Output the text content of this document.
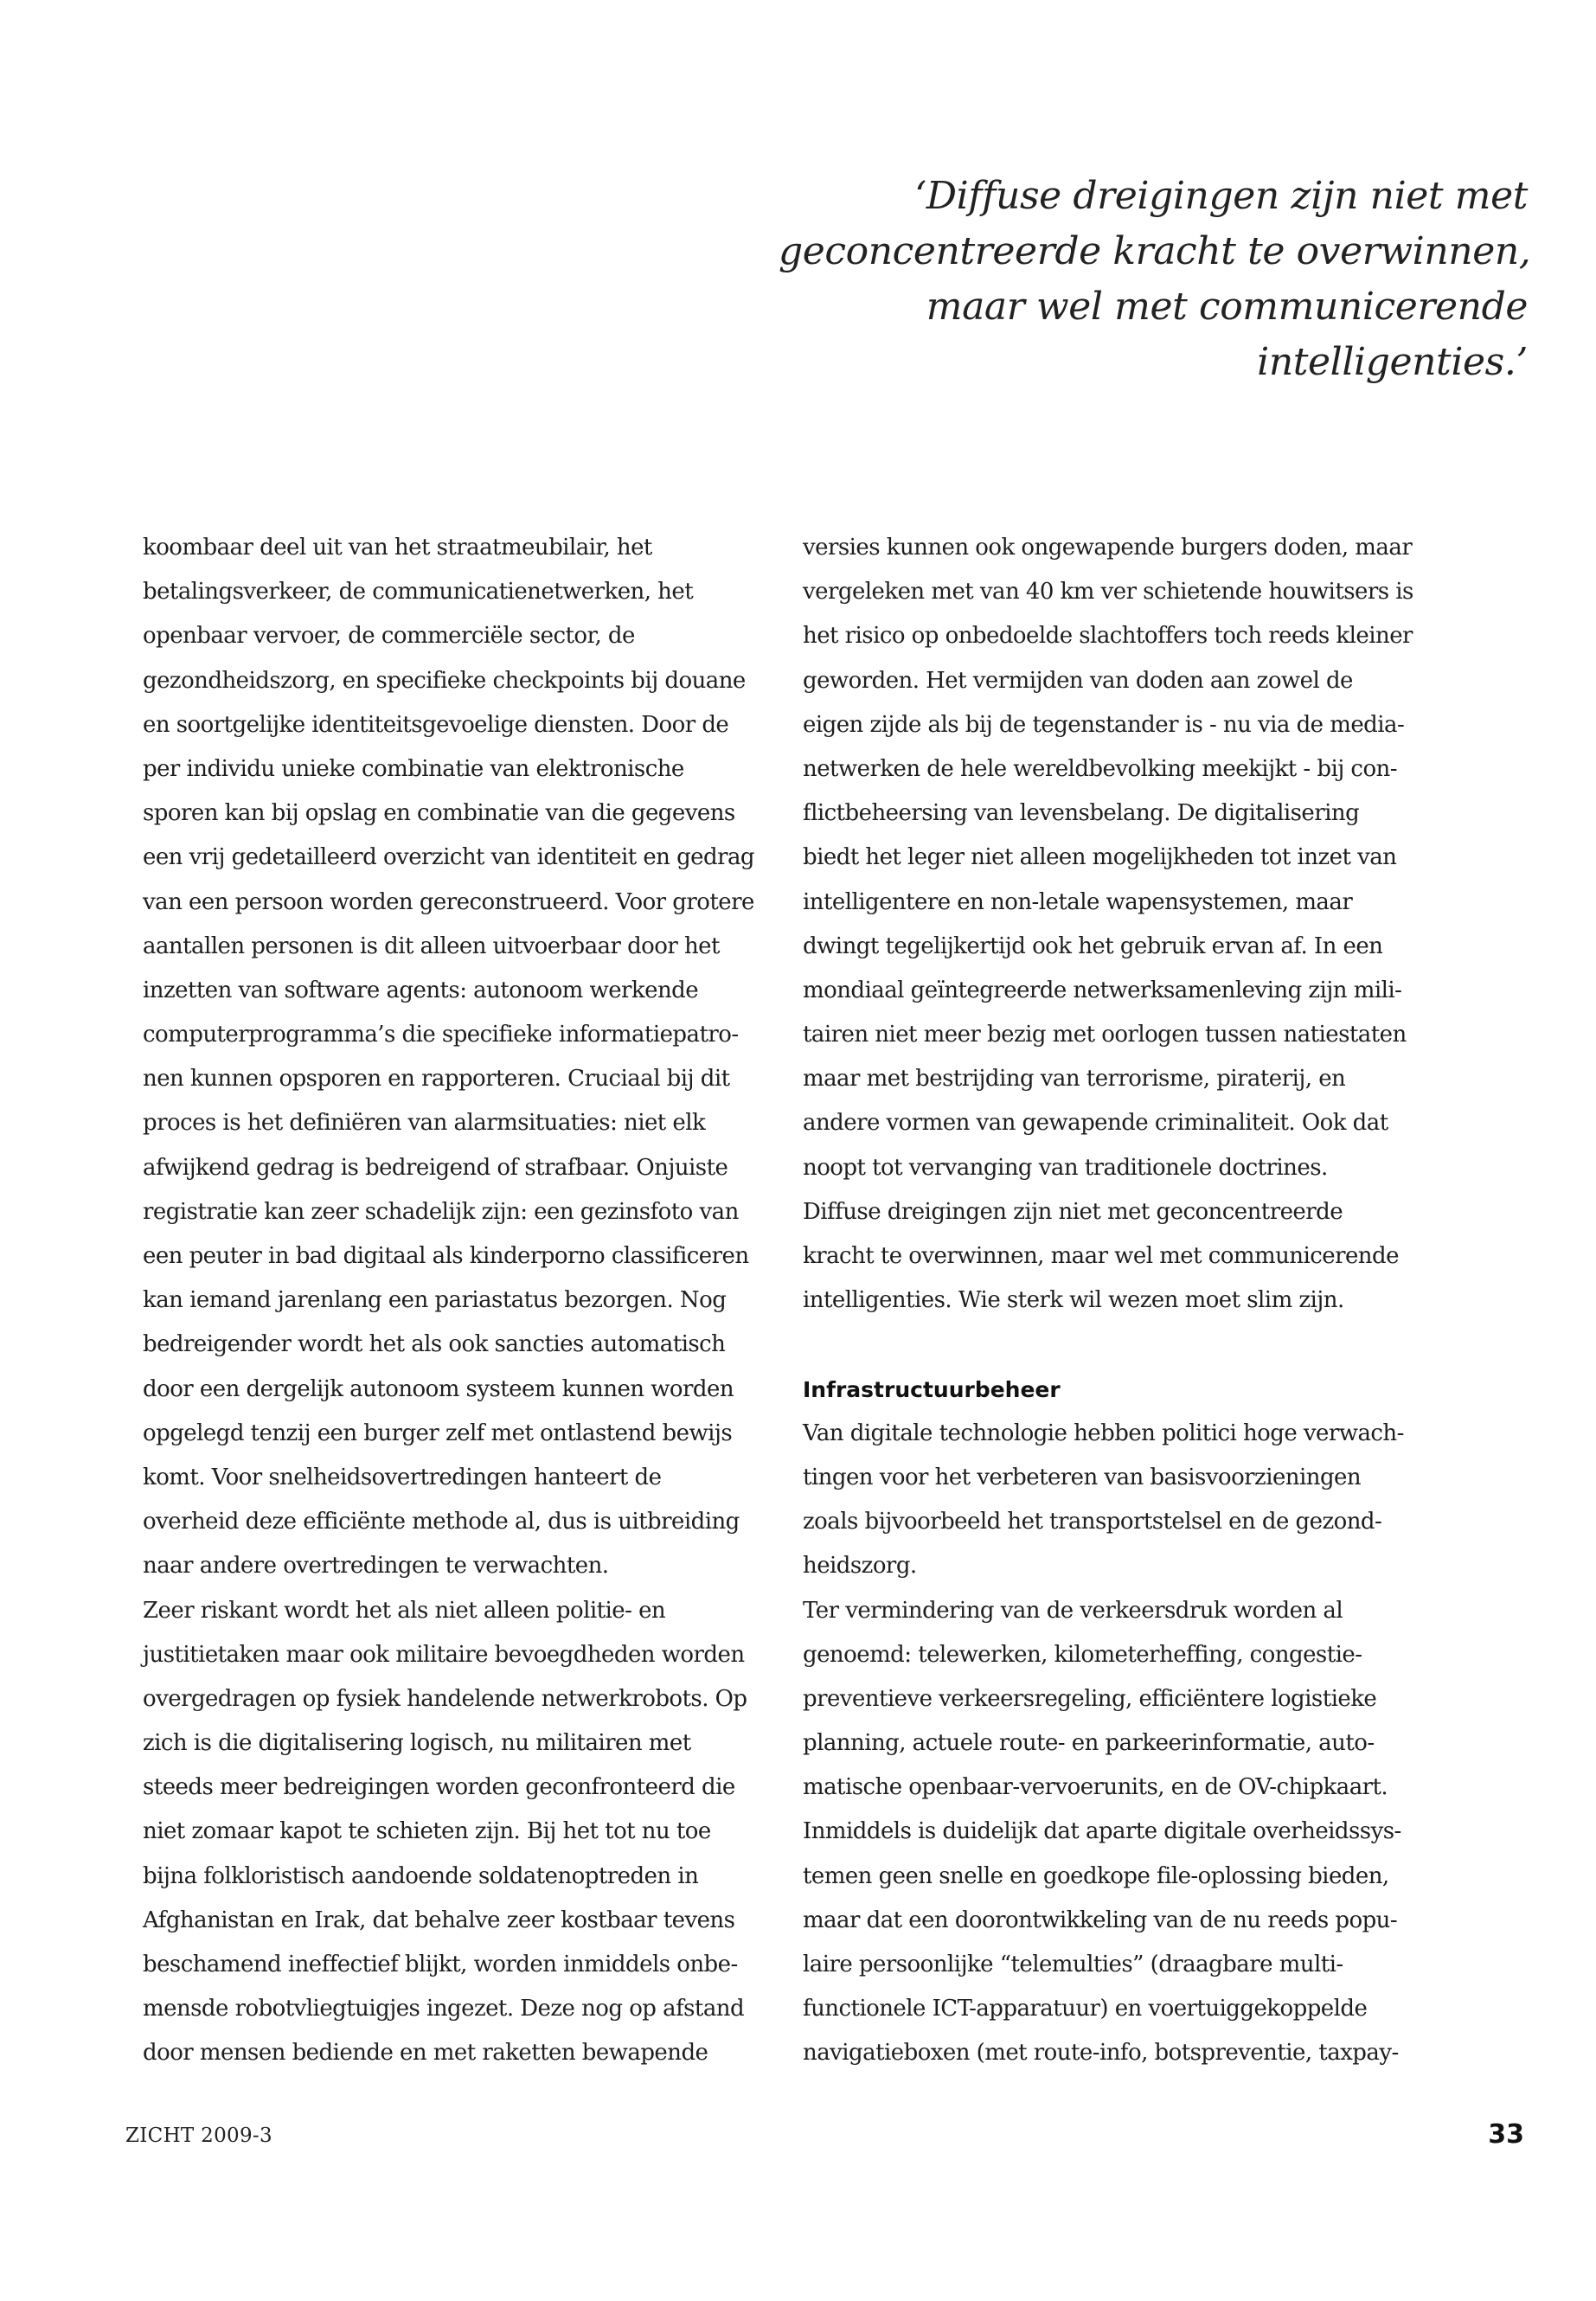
‘Diffuse dreigingen zijn niet met
geconcentreerde kracht te overwinnen,
maar wel met communicerende
intelligenties.’
koombaar deel uit van het straatmeubilair, het
betalingsverkeer, de communicatienetwerken, het
openbaar vervoer, de commerciële sector, de
gezondheidszorg, en specifieke checkpoints bij douane
en soortgelijke identiteitsgevoelige diensten. Door de
per individu unieke combinatie van elektronische
sporen kan bij opslag en combinatie van die gegevens
een vrij gedetailleerd overzicht van identiteit en gedrag
van een persoon worden gereconstrueerd. Voor grotere
aantallen personen is dit alleen uitvoerbaar door het
inzetten van software agents: autonoom werkende
computerprogramma’s die specifieke informatiepatro-
nen kunnen opsporen en rapporteren. Cruciaal bij dit
proces is het definiëren van alarmsituaties: niet elk
afwijkend gedrag is bedreigend of strafbaar. Onjuiste
registratie kan zeer schadelijk zijn: een gezinsfoto van
een peuter in bad digitaal als kinderporno classificeren
kan iemand jarenlang een pariastatus bezorgen. Nog
bedreigender wordt het als ook sancties automatisch
door een dergelijk autonoom systeem kunnen worden
opgelegd tenzij een burger zelf met ontlastend bewijs
komt. Voor snelheidsovertredingen hanteert de
overheid deze efficiënte methode al, dus is uitbreiding
naar andere overtredingen te verwachten.
Zeer riskant wordt het als niet alleen politie- en
justitietaken maar ook militaire bevoegdheden worden
overgedragen op fysiek handelende netwerkrobots. Op
zich is die digitalisering logisch, nu militairen met
steeds meer bedreigingen worden geconfronteerd die
niet zomaar kapot te schieten zijn. Bij het tot nu toe
bijna folkloristisch aandoende soldatenoptreden in
Afghanistan en Irak, dat behalve zeer kostbaar tevens
beschamend ineffectief blijkt, worden inmiddels onbe-
mensde robotvliegtuigjes ingezet. Deze nog op afstand
door mensen bediende en met raketten bewapende
versies kunnen ook ongewapende burgers doden, maar
vergeleken met van 40 km ver schietende houwitsers is
het risico op onbedoelde slachtoffers toch reeds kleiner
geworden. Het vermijden van doden aan zowel de
eigen zijde als bij de tegenstander is - nu via de media-
netwerken de hele wereldbevolking meekijkt - bij con-
flictbeheersing van levensbelang. De digitalisering
biedt het leger niet alleen mogelijkheden tot inzet van
intelligentere en non-letale wapensystemen, maar
dwingt tegelijkertijd ook het gebruik ervan af. In een
mondiaal geïntegreerde netwerksamenleving zijn mili-
tairen niet meer bezig met oorlogen tussen natiestaten
maar met bestrijding van terrorisme, piraterij, en
andere vormen van gewapende criminaliteit. Ook dat
noopt tot vervanging van traditionele doctrines.
Diffuse dreigingen zijn niet met geconcentreerde
kracht te overwinnen, maar wel met communicerende
intelligenties. Wie sterk wil wezen moet slim zijn.
Infrastructuurbeheer
Van digitale technologie hebben politici hoge verwach-
tingen voor het verbeteren van basisvoorzieningen
zoals bijvoorbeeld het transportstelsel en de gezond-
heidszorg.
Ter vermindering van de verkeersdruk worden al
genoemd: telewerken, kilometerheffing, congestie-
preventieve verkeersregeling, efficiëntere logistieke
planning, actuele route- en parkeerinformatie, auto-
matische openbaar-vervoerunits, en de OV-chipkaart.
Inmiddels is duidelijk dat aparte digitale overheidssys-
temen geen snelle en goedkope file-oplossing bieden,
maar dat een doorontwikkeling van de nu reeds popu-
laire persoonlijke “telemulties” (draagbare multi-
functionele ICT-apparatuur) en voertuiggekoppelde
navigatieboxen (met route-info, botspreventie, taxpay-
ZICHT 2009-3	33
